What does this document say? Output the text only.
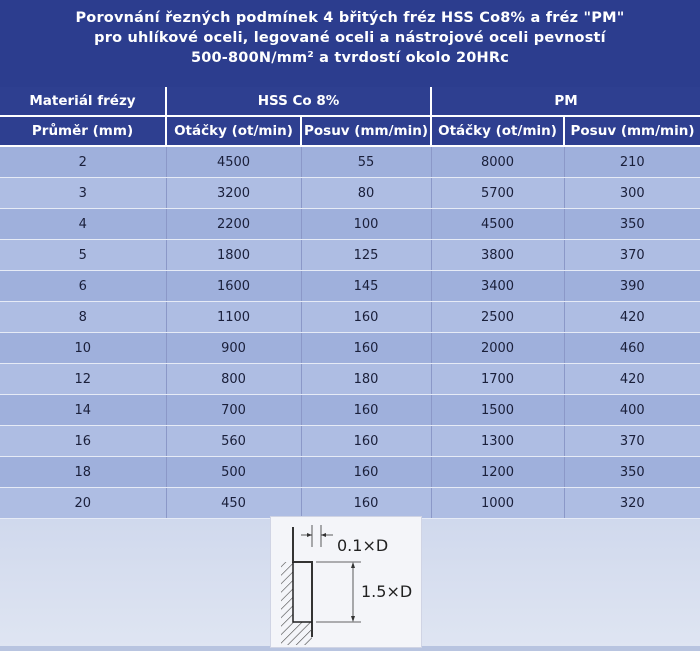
Porovnání řezných podmínek 4 břitých fréz HSS Co8% a fréz "PM"
pro uhlíkové oceli, legované oceli a nástrojové oceli pevností
500-800N/mm² a tvrdostí okolo 20HRc
Materiál frézy	HSS Co 8%		PM	
Průměr (mm)	Otáčky (ot/min)	Posuv (mm/min)	Otáčky (ot/min)	Posuv (mm/min)
2	4500	55	8000	210
3	3200	80	5700	300
4	2200	100	4500	350
5	1800	125	3800	370
6	1600	145	3400	390
8	1100	160	2500	420
10	900	160	2000	460
12	800	180	1700	420
14	700	160	1500	400
16	560	160	1300	370
18	500	160	1200	350
20	450	160	1000	320
0.1×D
1.5×D
